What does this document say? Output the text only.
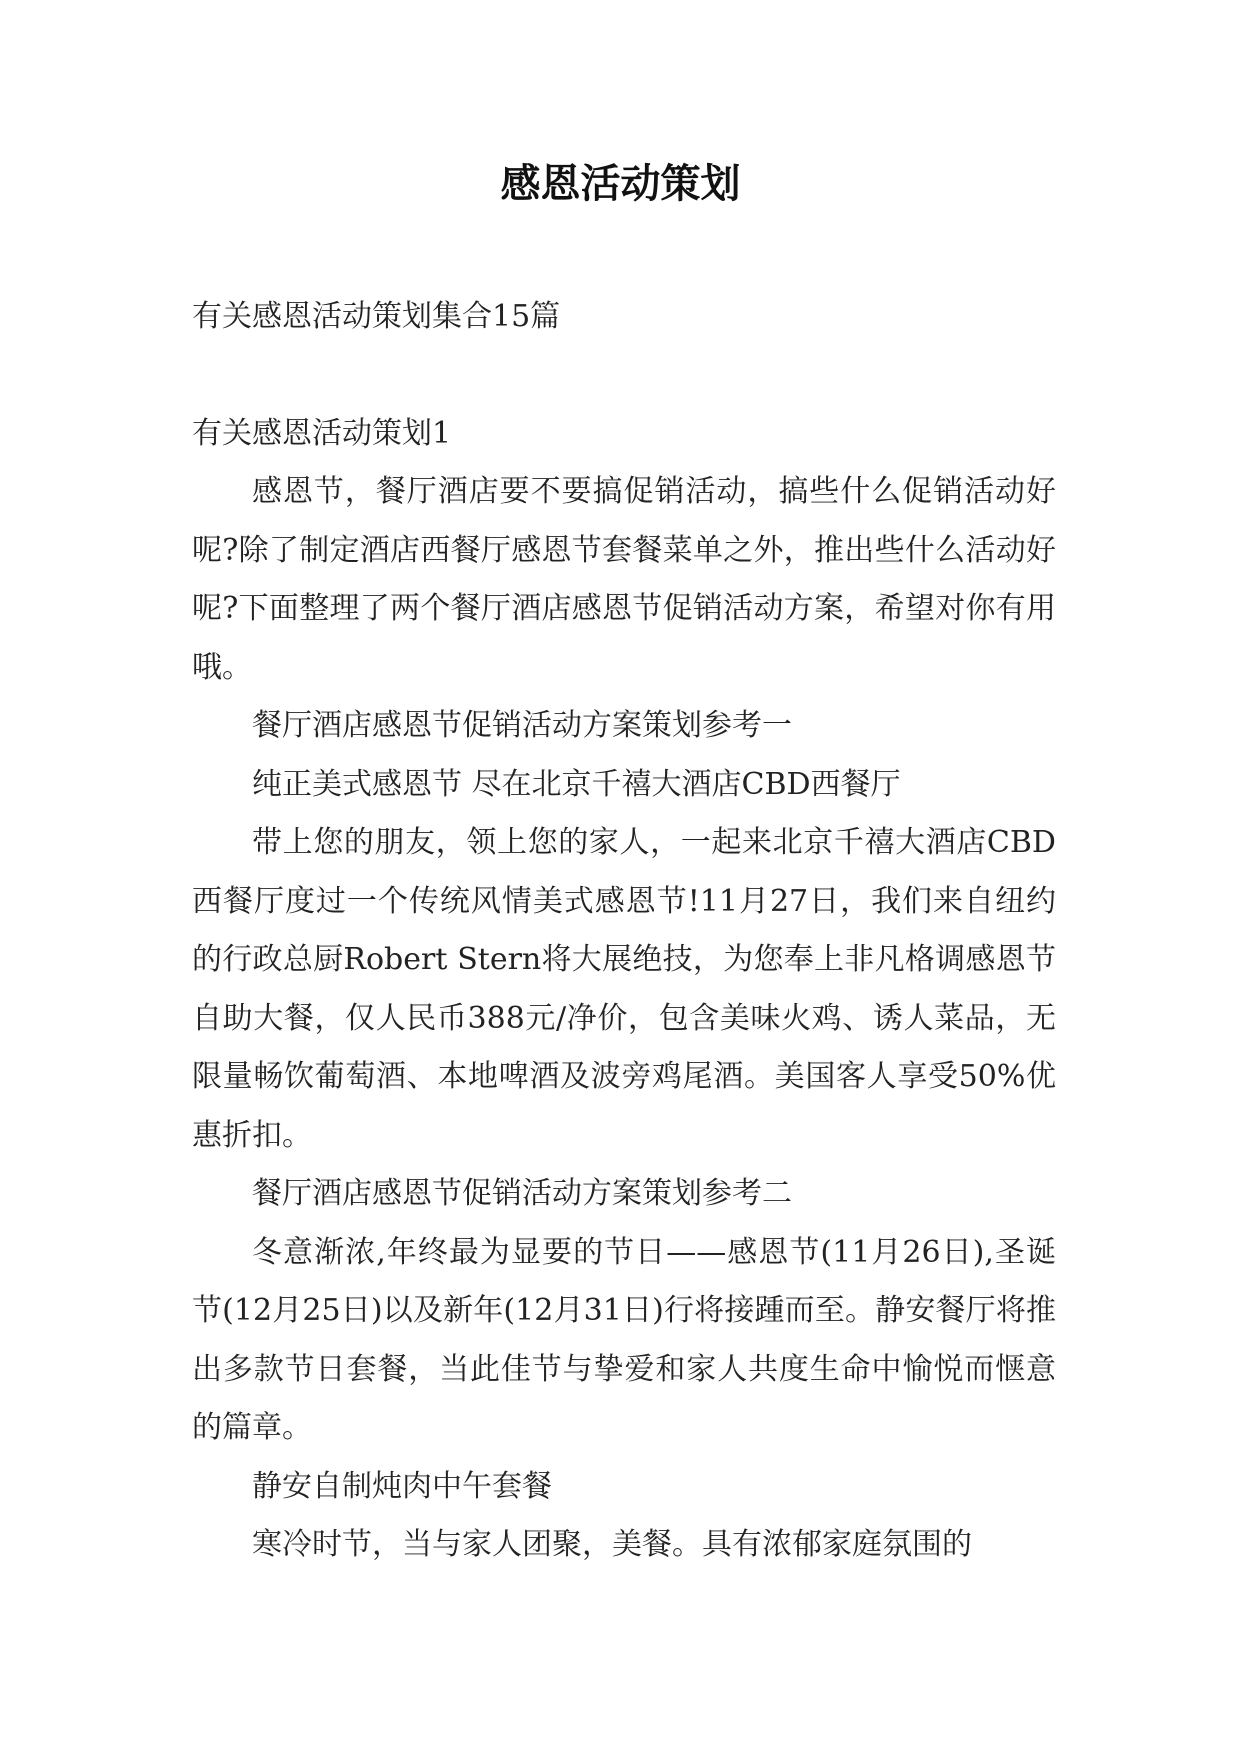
感恩活动策划

有关感恩活动策划集合15篇

有关感恩活动策划1

感恩节，餐厅酒店要不要搞促销活动，搞些什么促销活动好呢?除了制定酒店西餐厅感恩节套餐菜单之外，推出些什么活动好呢?下面整理了两个餐厅酒店感恩节促销活动方案，希望对你有用哦。

餐厅酒店感恩节促销活动方案策划参考一

纯正美式感恩节 尽在北京千禧大酒店CBD西餐厅

带上您的朋友，领上您的家人，一起来北京千禧大酒店CBD西餐厅度过一个传统风情美式感恩节!11月27日，我们来自纽约的行政总厨Robert Stern将大展绝技，为您奉上非凡格调感恩节自助大餐，仅人民币388元/净价，包含美味火鸡、诱人菜品，无限量畅饮葡萄酒、本地啤酒及波旁鸡尾酒。美国客人享受50%优惠折扣。

餐厅酒店感恩节促销活动方案策划参考二

冬意渐浓,年终最为显要的节日——感恩节(11月26日),圣诞节(12月25日)以及新年(12月31日)行将接踵而至。静安餐厅将推出多款节日套餐，当此佳节与挚爱和家人共度生命中愉悦而惬意的篇章。

静安自制炖肉中午套餐

寒冷时节，当与家人团聚，美餐。具有浓郁家庭氛围的
